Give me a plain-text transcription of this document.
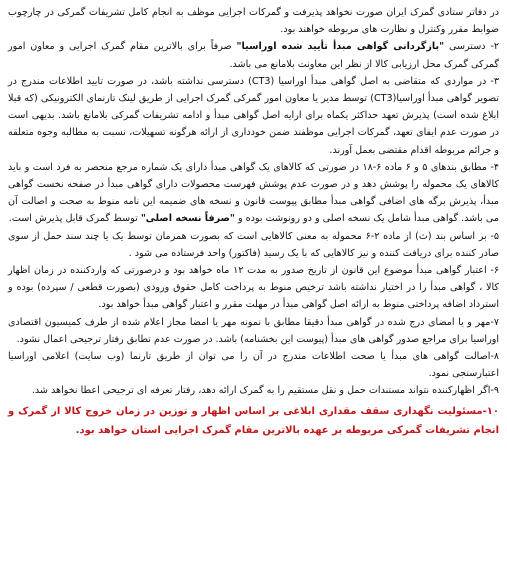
در دفاتر ستادی گمرک ایران صورت نخواهد پذیرفت و گمرکات اجرایی موظف به انجام کامل تشریفات گمرکی در چارچوب ضوابط مقرر وکنترل و نظارت های مربوطه خواهند بود.

۲- دسترسی "بازگردانی گواهی مبدأ تأیید شده اوراسیا" صرفاً برای بالاترین مقام گمرک اجرایی و معاون امور گمرکی گمرک محل ارزیابی کالا از نظر این معاونت بلامانع می باشد.

۳- در مواردی که متقاضی به اصل گواهی مبدأ اوراسیا (CT3) دسترسی نداشته باشد، در صورت تایید اطلاعات مندرج در تصویر گواهی مبدأ اوراسیا(CT3) توسط مدیر یا معاون امور گمرکی گمرک اجرایی از طریق لینک تارنمای الکترونیکی (که قبلا ابلاغ شده است) پذیرش تعهد حداکثر یکماه برای ارایه اصل گواهی مبدأ و ادامه تشریفات گمرکی بلامانع باشد. بدیهی است در صورت عدم ایفای تعهد، گمرکات اجرایی موظفند ضمن خودداری از ارائه هرگونه تسهیلات، نسبت به مطالبه وجوه متعلقه و جرائم مربوطه اقدام مقتضی بعمل آورند.

۴- مطابق بندهای ۵ و ۶ ماده ۶-۱۸ در صورتی که کالاهای یک گواهی مبدأ دارای یک شماره مرجع منحصر به فرد است و باید کالاهای یک محموله را پوشش دهد و در صورت عدم پوشش فهرست محصولات دارای گواهی مبدأ در صفحه نخست گواهی مبدأ، پذیرش برگه های اضافی گواهی مبدأ مطابق پیوست قانون و نسخه های ضمیمه این نامه منوط به صحت و اصالت آن می باشد. گواهی مبدأ شامل یک نسخه اصلی و دو رونوشت بوده و "صرفاً نسخه اصلی" توسط گمرک قابل پذیرش است.

۵- بر اساس بند (ث) از ماده ۲-۶ محموله به معنی کالاهایی است که بصورت همزمان توسط یک یا چند سند حمل از سوی صادر کننده برای دریافت کننده و نیز کالاهایی که با یک رسید (فاکتور) واحد فرستاده می شود .

۶- اعتبار گواهی مبدأ موضوع این قانون از تاریخ صدور به مدت ۱۲ ماه خواهد بود و درصورتی که واردکننده در زمان اظهار کالا ، گواهی مبدأ را در اختیار نداشته باشد ترخیص منوط به پرداخت کامل حقوق ورودی (بصورت قطعی / سپرده) بوده و استرداد اضافه پرداختی منوط به ارائه اصل گواهی مبدأ در مهلت مقرر و اعتبار گواهی مبدأ خواهد بود.

۷-مهر و یا امضای درج شده در گواهی مبدأ دقیقا مطابق با نمونه مهر یا امضا مجاز اعلام شده از طرف کمیسیون اقتصادی اوراسیا برای مراجع صدور گواهی های مبدأ (پیوست این بخشنامه) باشد. در صورت عدم تطابق رفتار ترجیحی اعمال نشود.

۸-اصالت گواهی های مبدأ یا صحت اطلاعات مندرج در آن را می توان از طریق تارنما (وب سایت) اعلامی اوراسیا اعتبارسنجی نمود.

۹-اگر اظهارکننده نتواند مستندات حمل و نقل مستقیم را به گمرک ارائه دهد، رفتار تعرفه ای ترجیحی اعطا نخواهد شد.

۱۰-مسئولیت نگهداری سقف مقداری ابلاغی بر اساس اظهار و توزین در زمان خروج کالا از گمرک و انجام تشریفات گمرکی مربوطه بر عهده بالاترین مقام گمرک اجرایی استان خواهد بود.
